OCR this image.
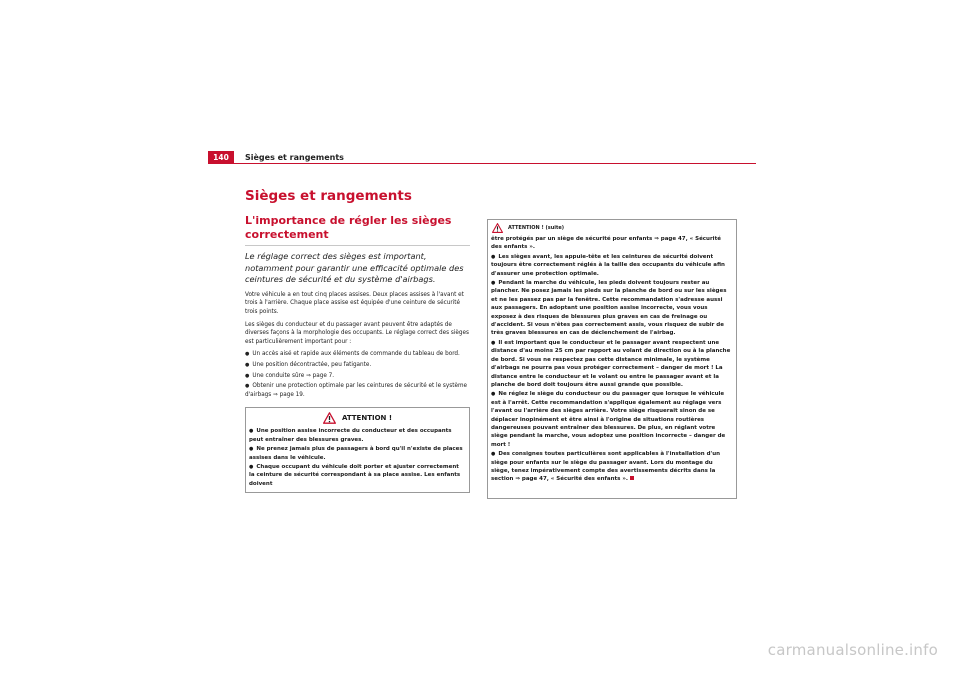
140	Sièges et rangements
Sièges et rangements
L'importance de régler les sièges correctement

Le réglage correct des sièges est important, notamment pour garantir une efficacité optimale des ceintures de sécurité et du système d'airbags.

Votre véhicule a en tout cinq places assises. Deux places assises à l'avant et trois à l'arrière. Chaque place assise est équipée d'une ceinture de sécurité trois points.

Les sièges du conducteur et du passager avant peuvent être adaptés de diverses façons à la morphologie des occupants. Le réglage correct des sièges est particulièrement important pour :

● Un accès aisé et rapide aux éléments de commande du tableau de bord.
● Une position décontractée, peu fatigante.
● Une conduite sûre ⇒ page 7.
● Obtenir une protection optimale par les ceintures de sécurité et le système d'airbags ⇒ page 19.
ATTENTION !

● Une position assise incorrecte du conducteur et des occupants peut entraîner des blessures graves.

● Ne prenez jamais plus de passagers à bord qu'il n'existe de places assises dans le véhicule.

● Chaque occupant du véhicule doit porter et ajuster correctement la ceinture de sécurité correspondant à sa place assise. Les enfants doivent

ATTENTION ! (suite)

être protégés par un siège de sécurité pour enfants ⇒ page 47, « Sécurité des enfants ».

● Les sièges avant, les appuie-tête et les ceintures de sécurité doivent toujours être correctement réglés à la taille des occupants du véhicule afin d'assurer une protection optimale.

● Pendant la marche du véhicule, les pieds doivent toujours rester au plancher. Ne posez jamais les pieds sur la planche de bord ou sur les sièges et ne les passez pas par la fenêtre. Cette recommandation s'adresse aussi aux passagers. En adoptant une position assise incorrecte, vous vous exposez à des risques de blessures plus graves en cas de freinage ou d'accident. Si vous n'êtes pas correctement assis, vous risquez de subir de très graves blessures en cas de déclenchement de l'airbag.

● Il est important que le conducteur et le passager avant respectent une distance d'au moins 25 cm par rapport au volant de direction ou à la planche de bord. Si vous ne respectez pas cette distance minimale, le système d'airbags ne pourra pas vous protéger correctement – danger de mort ! La distance entre le conducteur et le volant ou entre le passager avant et la planche de bord doit toujours être aussi grande que possible.

● Ne réglez le siège du conducteur ou du passager que lorsque le véhicule est à l'arrêt. Cette recommandation s'applique également au réglage vers l'avant ou l'arrière des sièges arrière. Votre siège risquerait sinon de se déplacer inopinément et être ainsi à l'origine de situations routières dangereuses pouvant entraîner des blessures. De plus, en réglant votre siège pendant la marche, vous adoptez une position incorrecte – danger de mort !

● Des consignes toutes particulières sont applicables à l'installation d'un siège pour enfants sur le siège du passager avant. Lors du montage du siège, tenez impérativement compte des avertissements décrits dans la section ⇒ page 47, « Sécurité des enfants ».

carmanualsonline.info
